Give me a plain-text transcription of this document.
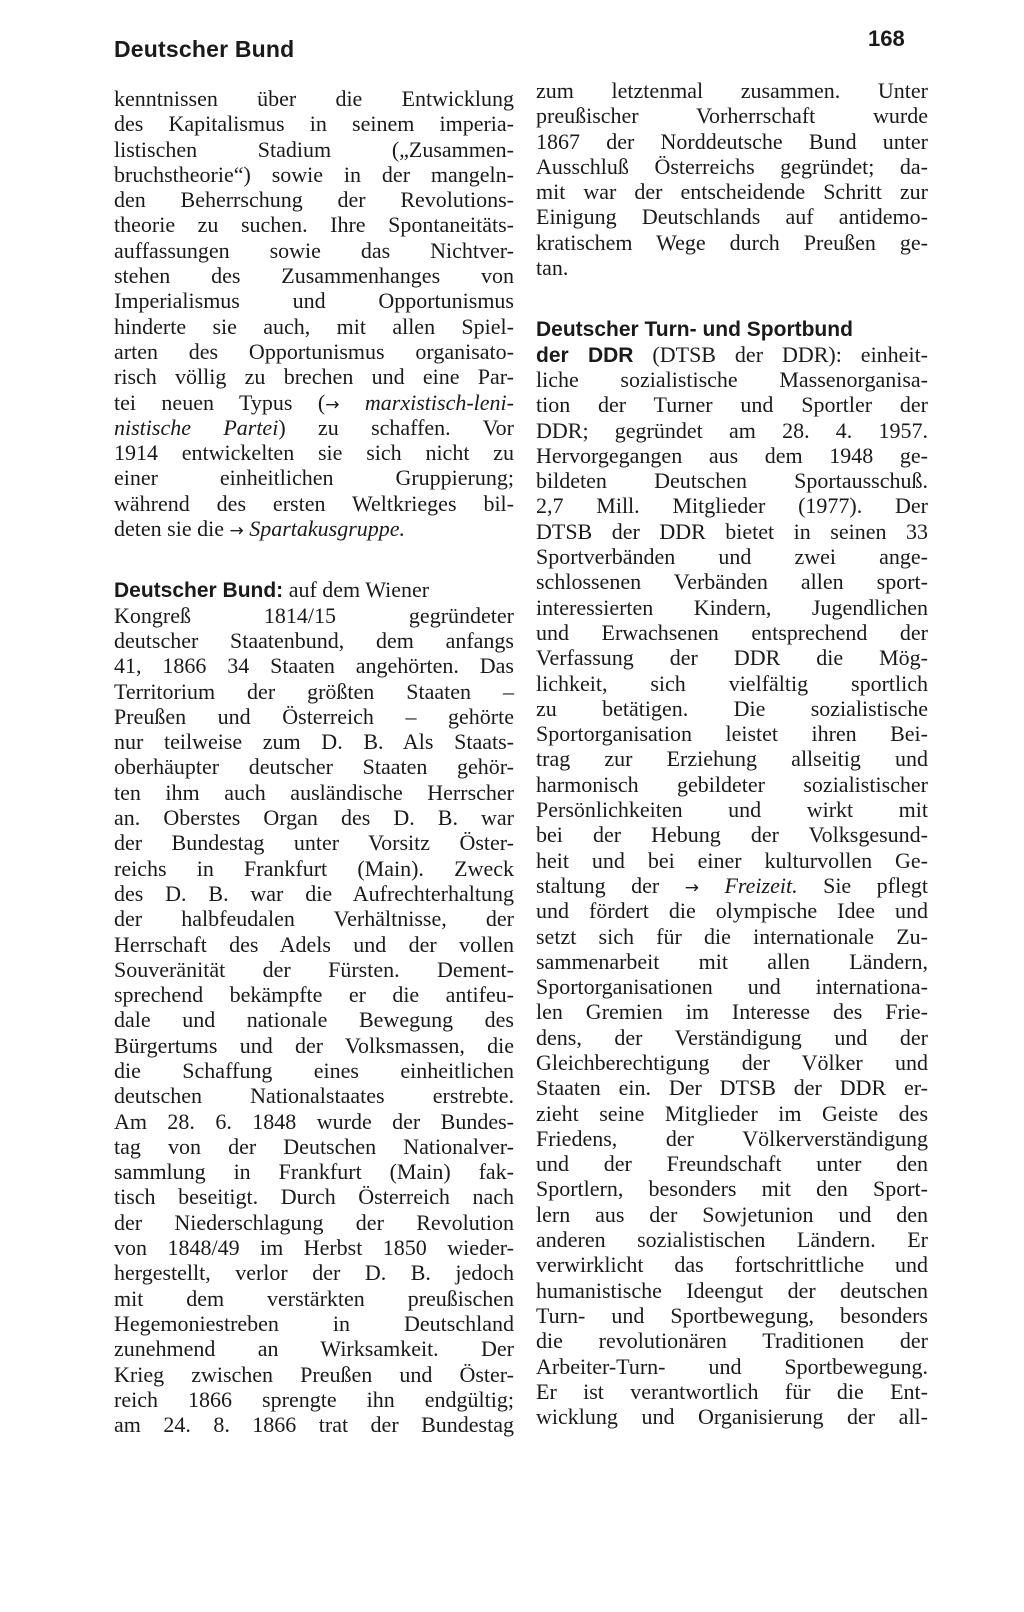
Deutscher Bund	168
kenntnissen über die Entwicklung
des Kapitalismus in seinem imperia-
listischen Stadium („Zusammen-
bruchstheorie“) sowie in der mangeln-
den Beherrschung der Revolutions-
theorie zu suchen. Ihre Spontaneitäts-
auffassungen sowie das Nichtver-
stehen des Zusammenhanges von
Imperialismus und Opportunismus
hinderte sie auch, mit allen Spiel-
arten des Opportunismus organisato-
risch völlig zu brechen und eine Par-
tei neuen Typus (→ marxistisch-leni-
nistische Partei) zu schaffen. Vor
1914 entwickelten sie sich nicht zu
einer einheitlichen Gruppierung;
während des ersten Weltkrieges bil-
deten sie die → Spartakusgruppe.
Deutscher Bund: auf dem Wiener
Kongreß 1814/15 gegründeter
deutscher Staatenbund, dem anfangs
41, 1866 34 Staaten angehörten. Das
Territorium der größten Staaten –
Preußen und Österreich – gehörte
nur teilweise zum D. B. Als Staats-
oberhäupter deutscher Staaten gehör-
ten ihm auch ausländische Herrscher
an. Oberstes Organ des D. B. war
der Bundestag unter Vorsitz Öster-
reichs in Frankfurt (Main). Zweck
des D. B. war die Aufrechterhaltung
der halbfeudalen Verhältnisse, der
Herrschaft des Adels und der vollen
Souveränität der Fürsten. Dement-
sprechend bekämpfte er die antifeu-
dale und nationale Bewegung des
Bürgertums und der Volksmassen, die
die Schaffung eines einheitlichen
deutschen Nationalstaates erstrebte.
Am 28. 6. 1848 wurde der Bundes-
tag von der Deutschen Nationalver-
sammlung in Frankfurt (Main) fak-
tisch beseitigt. Durch Österreich nach
der Niederschlagung der Revolution
von 1848/49 im Herbst 1850 wieder-
hergestellt, verlor der D. B. jedoch
mit dem verstärkten preußischen
Hegemoniestreben in Deutschland
zunehmend an Wirksamkeit. Der
Krieg zwischen Preußen und Öster-
reich 1866 sprengte ihn endgültig;
am 24. 8. 1866 trat der Bundestag
zum letztenmal zusammen. Unter
preußischer Vorherrschaft wurde
1867 der Norddeutsche Bund unter
Ausschluß Österreichs gegründet; da-
mit war der entscheidende Schritt zur
Einigung Deutschlands auf antidemo-
kratischem Wege durch Preußen ge-
tan.
Deutscher Turn- und Sportbund
der DDR (DTSB der DDR): einheit-
liche sozialistische Massenorganisa-
tion der Turner und Sportler der
DDR; gegründet am 28. 4. 1957.
Hervorgegangen aus dem 1948 ge-
bildeten Deutschen Sportausschuß.
2,7 Mill. Mitglieder (1977). Der
DTSB der DDR bietet in seinen 33
Sportverbänden und zwei ange-
schlossenen Verbänden allen sport-
interessierten Kindern, Jugendlichen
und Erwachsenen entsprechend der
Verfassung der DDR die Mög-
lichkeit, sich vielfältig sportlich
zu betätigen. Die sozialistische
Sportorganisation leistet ihren Bei-
trag zur Erziehung allseitig und
harmonisch gebildeter sozialistischer
Persönlichkeiten und wirkt mit
bei der Hebung der Volksgesund-
heit und bei einer kulturvollen Ge-
staltung der → Freizeit. Sie pflegt
und fördert die olympische Idee und
setzt sich für die internationale Zu-
sammenarbeit mit allen Ländern,
Sportorganisationen und internationa-
len Gremien im Interesse des Frie-
dens, der Verständigung und der
Gleichberechtigung der Völker und
Staaten ein. Der DTSB der DDR er-
zieht seine Mitglieder im Geiste des
Friedens, der Völkerverständigung
und der Freundschaft unter den
Sportlern, besonders mit den Sport-
lern aus der Sowjetunion und den
anderen sozialistischen Ländern. Er
verwirklicht das fortschrittliche und
humanistische Ideengut der deutschen
Turn- und Sportbewegung, besonders
die revolutionären Traditionen der
Arbeiter-Turn- und Sportbewegung.
Er ist verantwortlich für die Ent-
wicklung und Organisierung der all-
